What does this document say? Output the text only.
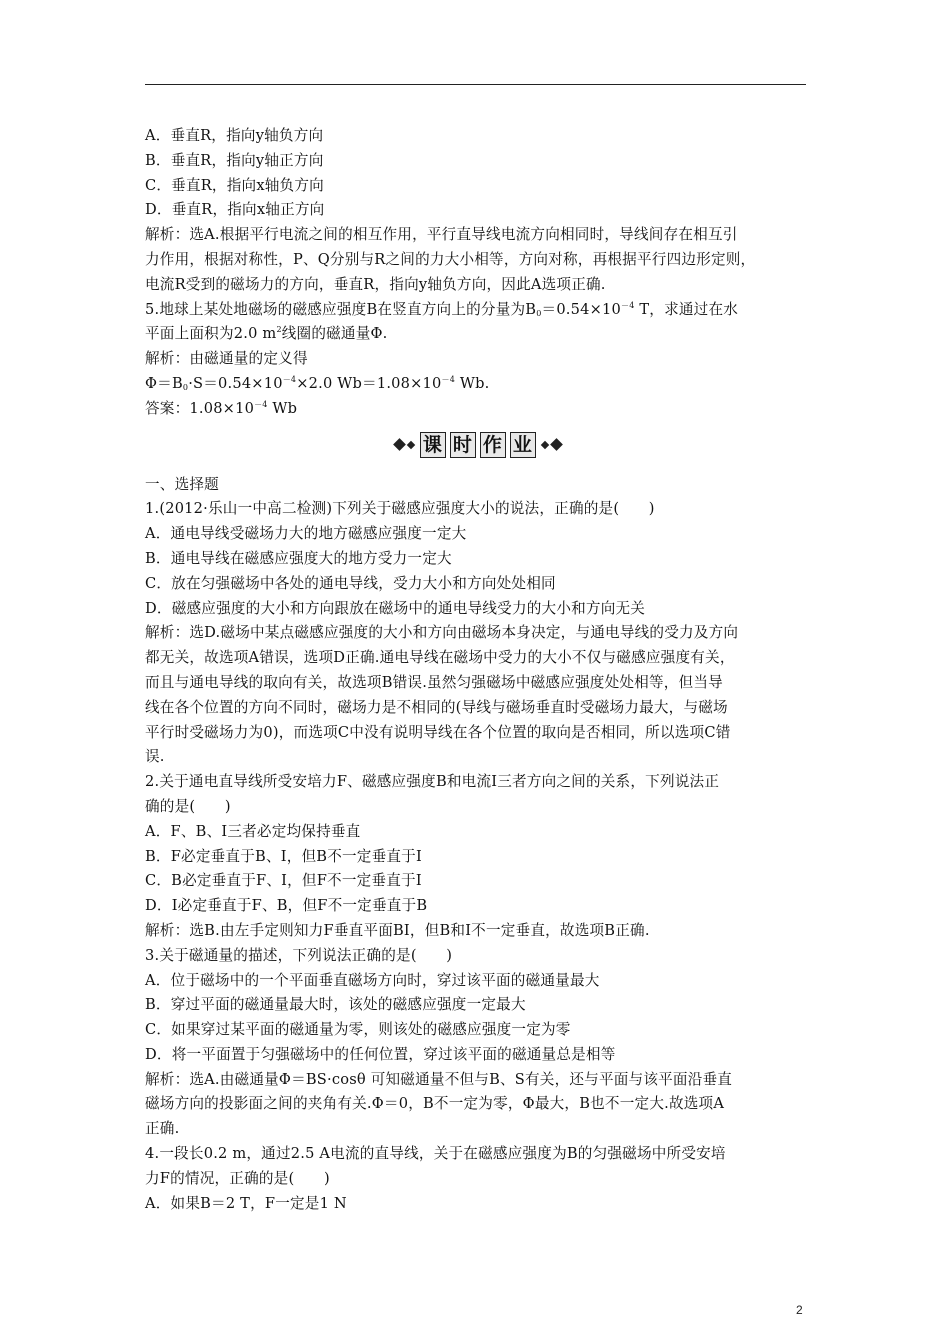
A．垂直R，指向y轴负方向
B．垂直R，指向y轴正方向
C．垂直R，指向x轴负方向
D．垂直R，指向x轴正方向
解析：选A.根据平行电流之间的相互作用，平行直导线电流方向相同时，导线间存在相互引
力作用，根据对称性，P、Q分别与R之间的力大小相等，方向对称，再根据平行四边形定则，
电流R受到的磁场力的方向，垂直R，指向y轴负方向，因此A选项正确.
5.地球上某处地磁场的磁感应强度B在竖直方向上的分量为$B_0=0.54\times 10^{-4}$ T，求通过在水
平面上面积为2.0 $m^2$线圈的磁通量Φ.
解析：由磁通量的定义得
$\Phi=B_0\cdot S=0.54\times 10^{-4}\times 2.0$ $Wb=1.08\times 10^{-4}$ Wb.
答案：$1.08\times 10^{-4}$ Wb
课 时 作 业
一、选择题
1.(2012·乐山一中高二检测)下列关于磁感应强度大小的说法，正确的是(　　)
A．通电导线受磁场力大的地方磁感应强度一定大
B．通电导线在磁感应强度大的地方受力一定大
C．放在匀强磁场中各处的通电导线，受力大小和方向处处相同
D．磁感应强度的大小和方向跟放在磁场中的通电导线受力的大小和方向无关
解析：选D.磁场中某点磁感应强度的大小和方向由磁场本身决定，与通电导线的受力及方向
都无关，故选项A错误，选项D正确.通电导线在磁场中受力的大小不仅与磁感应强度有关，
而且与通电导线的取向有关，故选项B错误.虽然匀强磁场中磁感应强度处处相等，但当导
线在各个位置的方向不同时，磁场力是不相同的(导线与磁场垂直时受磁场力最大，与磁场
平行时受磁场力为0)，而选项C中没有说明导线在各个位置的取向是否相同，所以选项C错
误.
2.关于通电直导线所受安培力F、磁感应强度B和电流I三者方向之间的关系，下列说法正
确的是(　　)
A．F、B、I三者必定均保持垂直
B．F必定垂直于B、I，但B不一定垂直于I
C．B必定垂直于F、I，但F不一定垂直于I
D．I必定垂直于F、B，但F不一定垂直于B
解析：选B.由左手定则知力F垂直平面BI，但B和I不一定垂直，故选项B正确.
3.关于磁通量的描述，下列说法正确的是(　　)
A．位于磁场中的一个平面垂直磁场方向时，穿过该平面的磁通量最大
B．穿过平面的磁通量最大时，该处的磁感应强度一定最大
C．如果穿过某平面的磁通量为零，则该处的磁感应强度一定为零
D．将一平面置于匀强磁场中的任何位置，穿过该平面的磁通量总是相等
解析：选A.由磁通量Φ＝BS·cosθ 可知磁通量不但与B、S有关，还与平面与该平面沿垂直
磁场方向的投影面之间的夹角有关.Φ＝0，B不一定为零，Φ最大，B也不一定大.故选项A
正确.
4.一段长0.2 m，通过2.5 A电流的直导线，关于在磁感应强度为B的匀强磁场中所受安培
力F的情况，正确的是(　　)
A．如果B＝2 T，F一定是1 N
2
